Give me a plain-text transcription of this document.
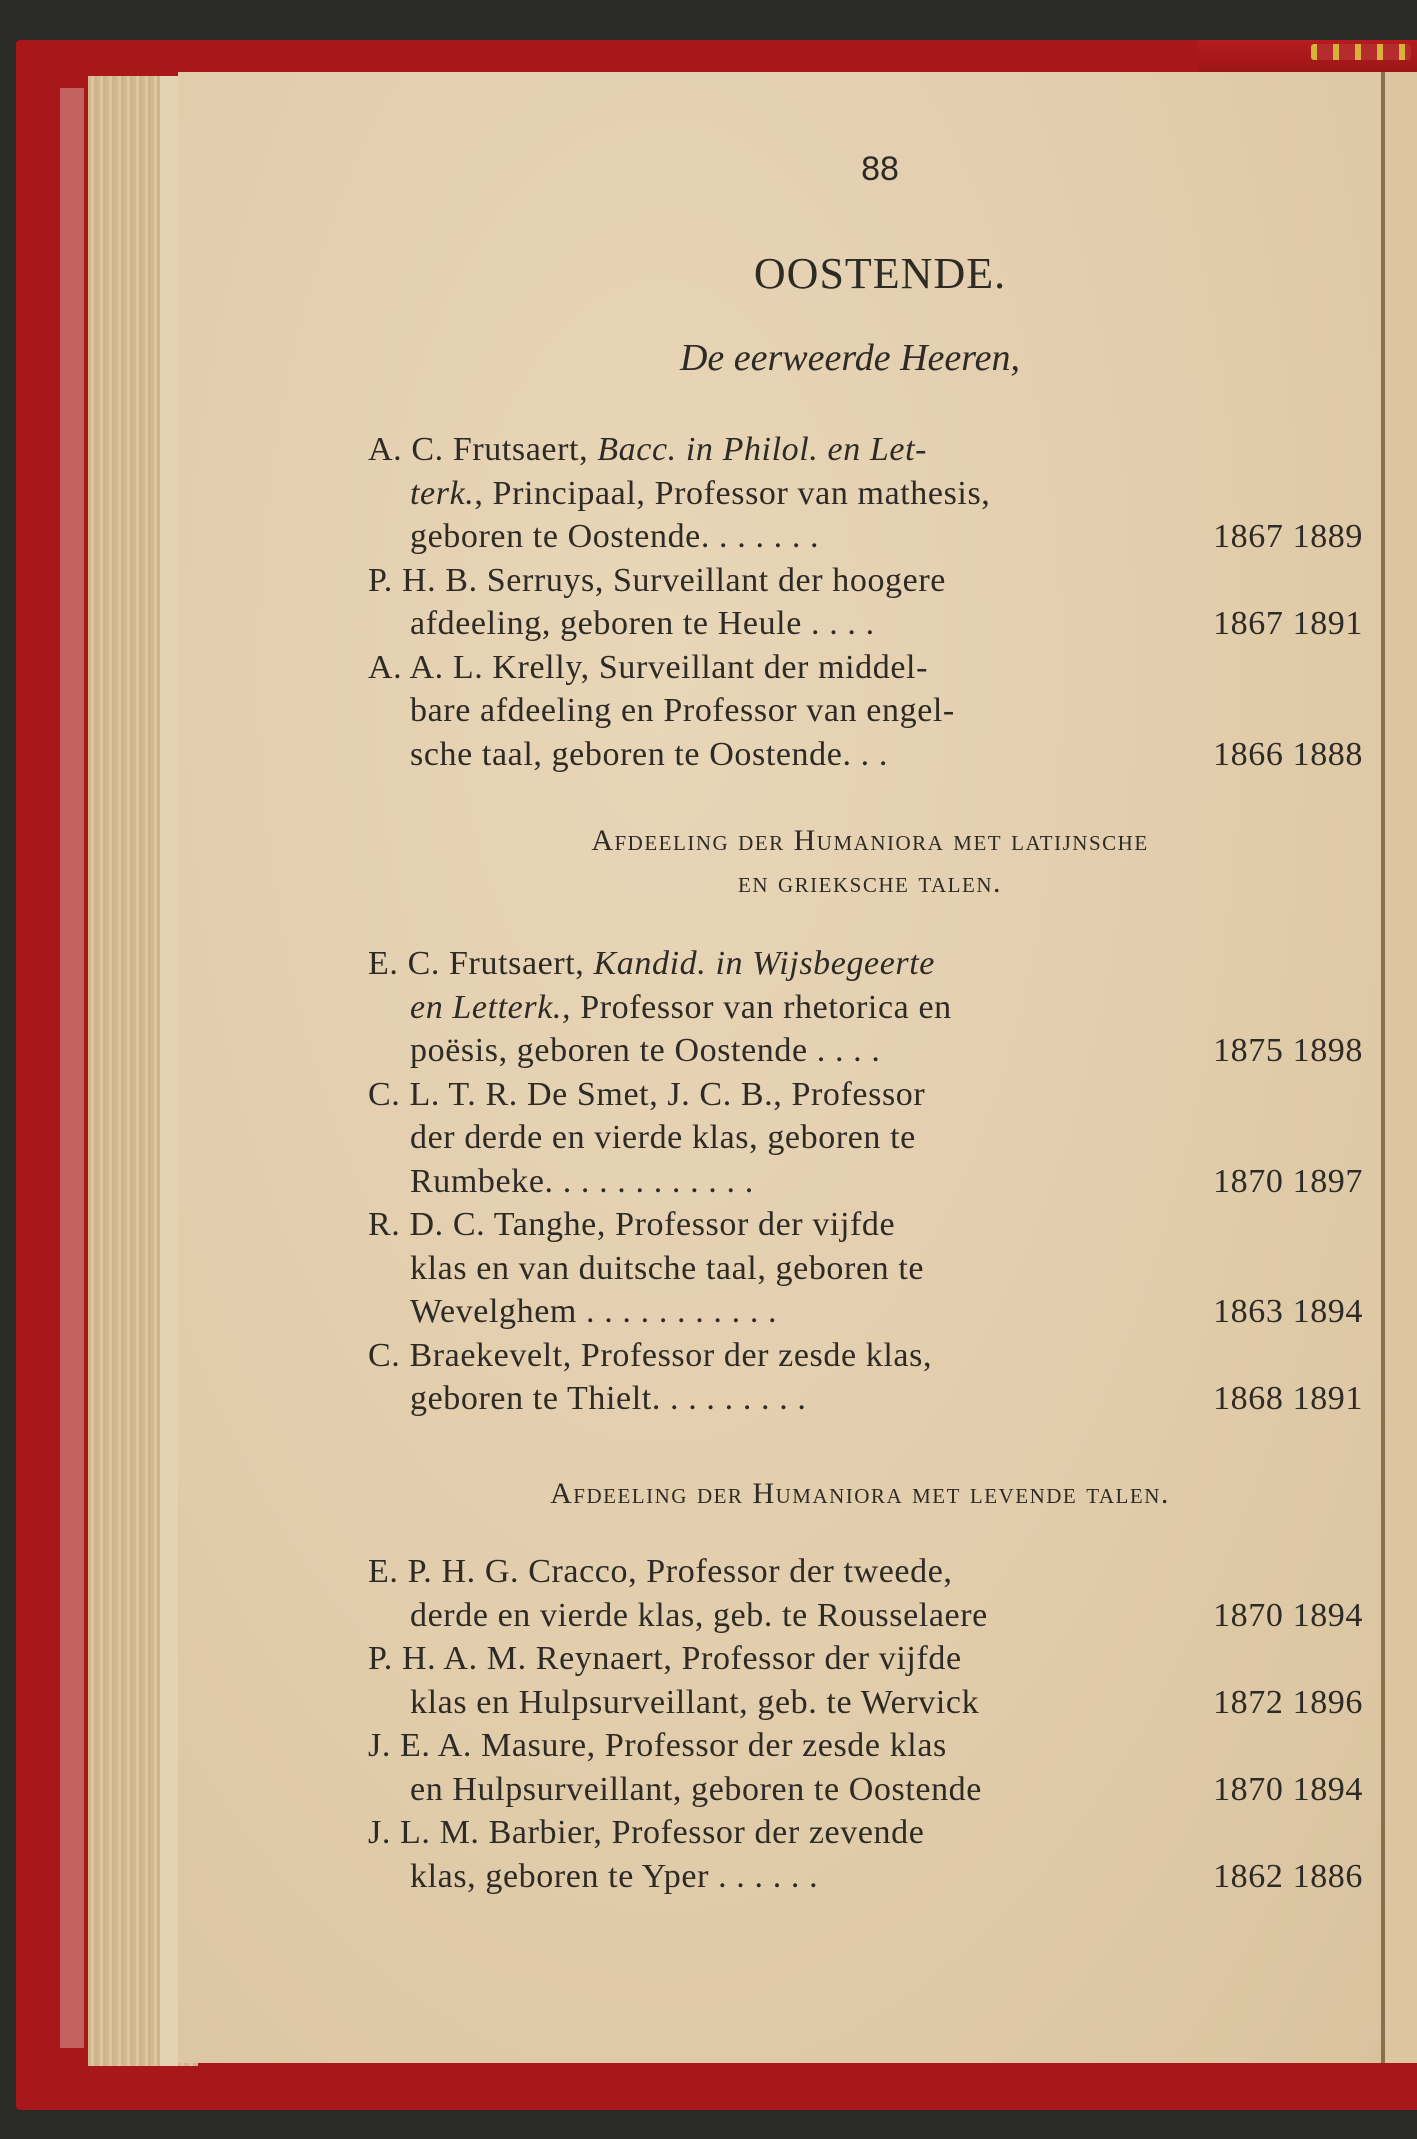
88
OOSTENDE.
De eerweerde Heeren,
A. C. Frutsaert, Bacc. in Philol. en Let-
terk., Principaal, Professor van mathesis,
geboren te Oostende. . . . . . .	1867 1889
P. H. B. Serruys, Surveillant der hoogere
afdeeling, geboren te Heule . . . .	1867 1891
A. A. L. Krelly, Surveillant der middel-
bare afdeeling en Professor van engel-
sche taal, geboren te Oostende. . .	1866 1888
Afdeeling der Humaniora met latijnsche
en grieksche talen.
E. C. Frutsaert, Kandid. in Wijsbegeerte
en Letterk., Professor van rhetorica en
poësis, geboren te Oostende . . . .	1875 1898
C. L. T. R. De Smet, J. C. B., Professor
der derde en vierde klas, geboren te
Rumbeke. . . . . . . . . . . .	1870 1897
R. D. C. Tanghe, Professor der vijfde
klas en van duitsche taal, geboren te
Wevelghem . . . . . . . . . . .	1863 1894
C. Braekevelt, Professor der zesde klas,
geboren te Thielt. . . . . . . . .	1868 1891
Afdeeling der Humaniora met levende talen.
E. P. H. G. Cracco, Professor der tweede,
derde en vierde klas, geb. te Rousselaere	1870 1894
P. H. A. M. Reynaert, Professor der vijfde
klas en Hulpsurveillant, geb. te Wervick	1872 1896
J. E. A. Masure, Professor der zesde klas
en Hulpsurveillant, geboren te Oostende	1870 1894
J. L. M. Barbier, Professor der zevende
klas, geboren te Yper . . . . . .	1862 1886
